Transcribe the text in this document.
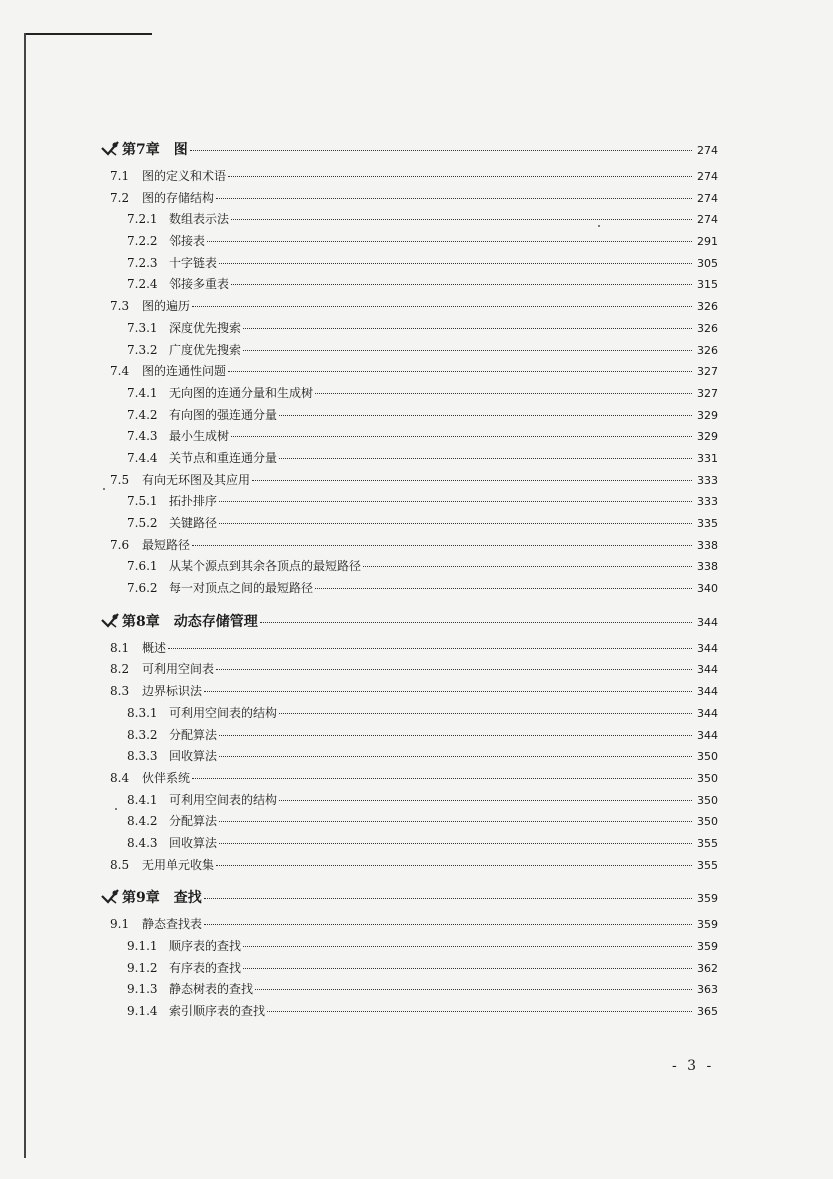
第7章 图	274
7.1	图的定义和术语	274
7.2	图的存储结构	274
7.2.1 数组表示法	274
7.2.2 邻接表	291
7.2.3 十字链表	305
7.2.4 邻接多重表	315
7.3	图的遍历	326
7.3.1 深度优先搜索	326
7.3.2 广度优先搜索	326
7.4	图的连通性问题	327
7.4.1 无向图的连通分量和生成树	327
7.4.2 有向图的强连通分量	329
7.4.3 最小生成树	329
7.4.4 关节点和重连通分量	331
7.5	有向无环图及其应用	333
7.5.1 拓扑排序	333
7.5.2 关键路径	335
7.6	最短路径	338
7.6.1 从某个源点到其余各顶点的最短路径	338
7.6.2 每一对顶点之间的最短路径	340
第8章 动态存储管理	344
8.1	概述	344
8.2	可利用空间表	344
8.3	边界标识法	344
8.3.1 可利用空间表的结构	344
8.3.2 分配算法	344
8.3.3 回收算法	350
8.4	伙伴系统	350
8.4.1 可利用空间表的结构	350
8.4.2 分配算法	350
8.4.3 回收算法	355
8.5	无用单元收集	355
第9章 查找	359
9.1	静态查找表	359
9.1.1 顺序表的查找	359
9.1.2 有序表的查找	362
9.1.3 静态树表的查找	363
9.1.4 索引顺序表的查找	365
- 3 -
